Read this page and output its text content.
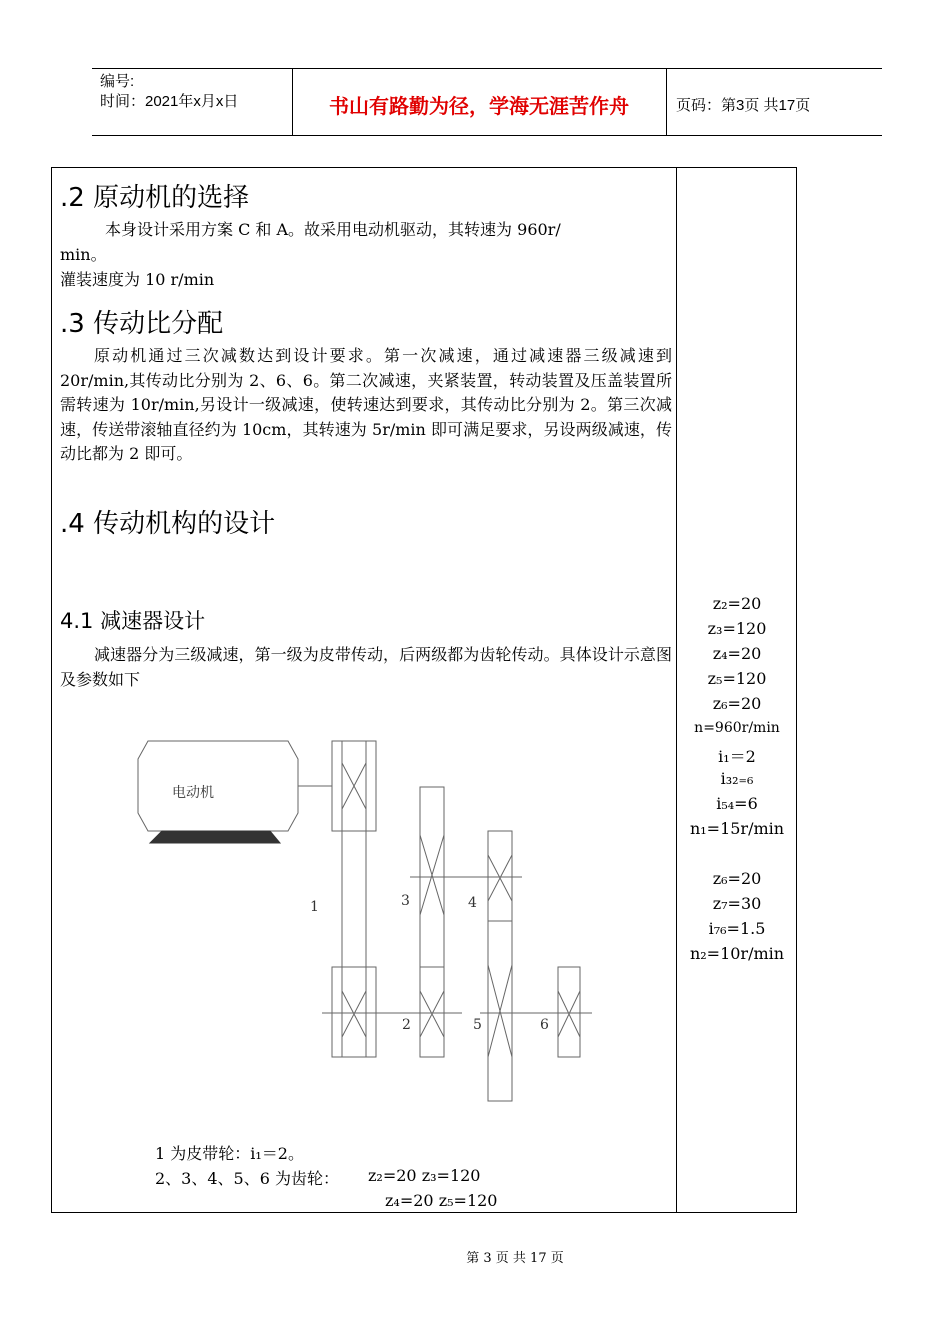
编号:
时间：2021年x月x日	书山有路勤为径，学海无涯苦作舟	页码：第3页 共17页
.2 原动机的选择
本身设计采用方案 C 和 A。故采用电动机驱动，其转速为 960r/
min。
灌装速度为 10 r/min
.3 传动比分配
原动机通过三次减数达到设计要求。第一次减速，通过减速器三级减速到 20r/min,其传动比分别为 2、6、6。第二次减速，夹紧装置，转动装置及压盖装置所需转速为 10r/min,另设计一级减速，使转速达到要求，其传动比分别为 2。第三次减速，传送带滚轴直径约为 10cm，其转速为 5r/min 即可满足要求，另设两级减速，传动比都为 2 即可。
.4 传动机构的设计
4.1 减速器设计
减速器分为三级减速，第一级为皮带传动，后两级都为齿轮传动。具体设计示意图及参数如下
电动机
1
2
3	4
5	6
1 为皮带轮：i₁＝2。
2、3、4、5、6 为齿轮： z₂=20 z₃=120
z₄=20 z₅=120
z₂=20
z₃=120
z₄=20
z₅=120
z₆=20
n=960r/min
i₁＝2
i₃₂₌₆
i₅₄=6
n₁=15r/min
z₆=20
z₇=30
i₇₆=1.5
n₂=10r/min
第 3 页 共 17 页
